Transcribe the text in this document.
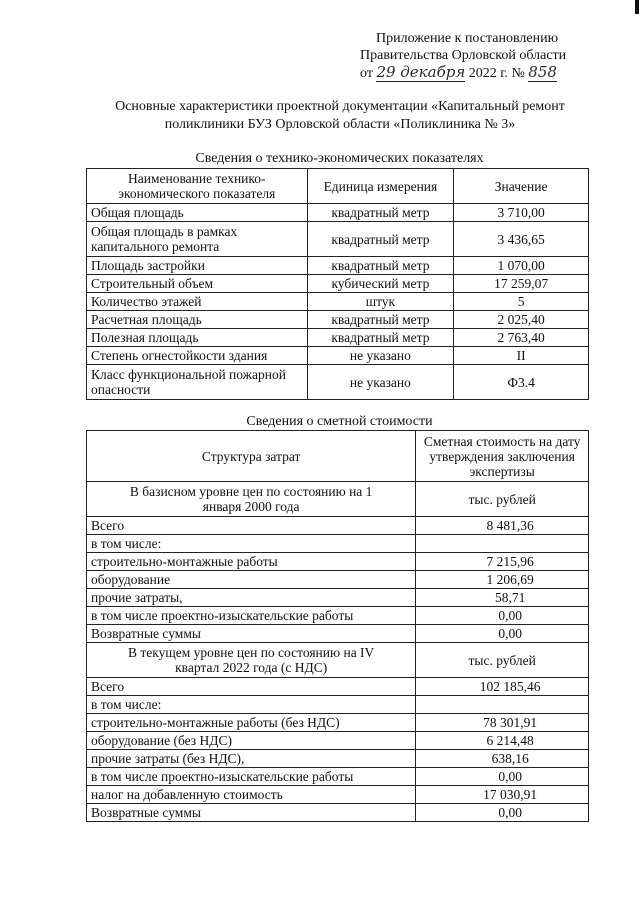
Приложение к постановлению
Правительства Орловской области
от 29 декабря 2022 г. № 858
Основные характеристики проектной документации «Капитальный ремонт поликлиники БУЗ Орловской области «Поликлиника № 3»
Сведения о технико-экономических показателях
Наименование технико-экономического показателя	Единица измерения	Значение
Общая площадь	квадратный метр	3 710,00
Общая площадь в рамках капитального ремонта	квадратный метр	3 436,65
Площадь застройки	квадратный метр	1 070,00
Строительный объем	кубический метр	17 259,07
Количество этажей	штук	5
Расчетная площадь	квадратный метр	2 025,40
Полезная площадь	квадратный метр	2 763,40
Степень огнестойкости здания	не указано	II
Класс функциональной пожарной опасности	не указано	Ф3.4
Сведения о сметной стоимости
Структура затрат	Сметная стоимость на дату утверждения заключения экспертизы
В базисном уровне цен по состоянию на 1 января 2000 года	тыс. рублей
Всего	8 481,36
в том числе:	
строительно-монтажные работы	7 215,96
оборудование	1 206,69
прочие затраты,	58,71
в том числе проектно-изыскательские работы	0,00
Возвратные суммы	0,00
В текущем уровне цен по состоянию на IV квартал 2022 года (с НДС)	тыс. рублей
Всего	102 185,46
в том числе:	
строительно-монтажные работы (без НДС)	78 301,91
оборудование (без НДС)	6 214,48
прочие затраты (без НДС),	638,16
в том числе проектно-изыскательские работы	0,00
налог на добавленную стоимость	17 030,91
Возвратные суммы	0,00
